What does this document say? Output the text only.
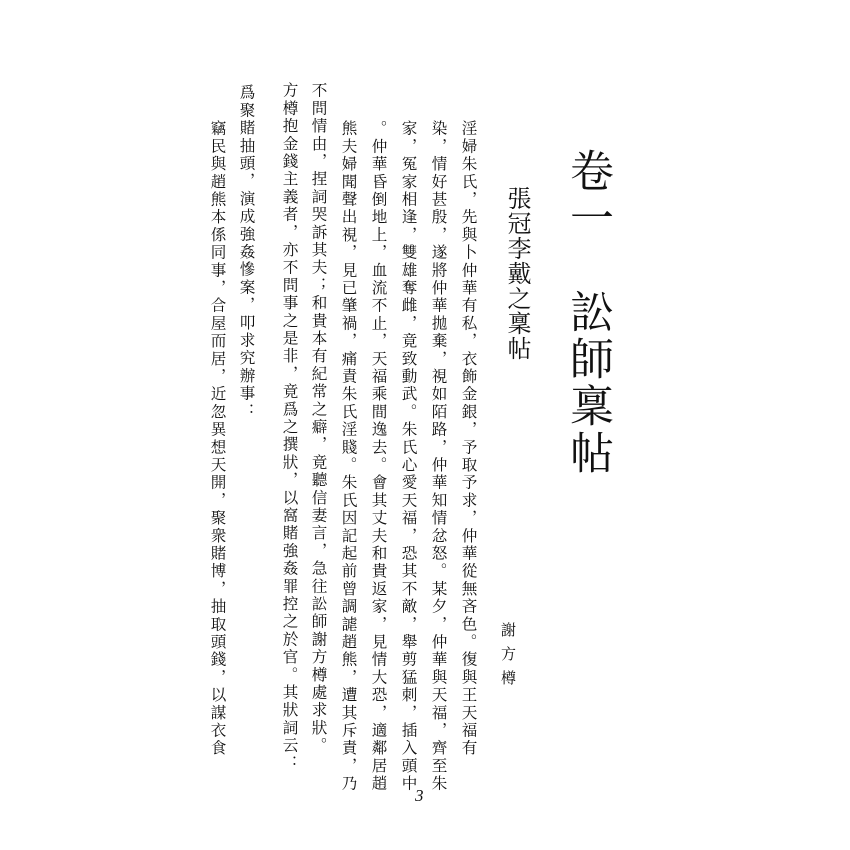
卷一　訟師稟帖
張冠李戴之稟帖
謝方樽
淫婦朱氏，先與卜仲華有私，衣飾金銀，予取予求，仲華從無吝色。復與王天福有
染，情好甚殷，遂將仲華拋棄，視如陌路，仲華知情忿怒。某夕，仲華與天福，齊至朱
家，冤家相逢，雙雄奪雌，竟致動武。朱氏心愛天福，恐其不敵，舉剪猛刺，插入頭中
。仲華昏倒地上，血流不止，天福乘間逸去。會其丈夫和貴返家，見情大恐，適鄰居趙
熊夫婦聞聲出視，見已肇禍，痛責朱氏淫賤。朱氏因記起前曾調謔趙熊，遭其斥責，乃
不問情由，捏詞哭訴其夫；和貴本有紀常之癖，竟聽信妻言，急往訟師謝方樽處求狀。
方樽抱金錢主義者，亦不問事之是非，竟爲之撰狀，以窩賭強姦罪控之於官。其狀詞云：
爲聚賭抽頭，演成強姦慘案，叩求究辦事：
竊民與趙熊本係同事，合屋而居，近忽異想天開，聚衆賭博，抽取頭錢，以謀衣食
3
